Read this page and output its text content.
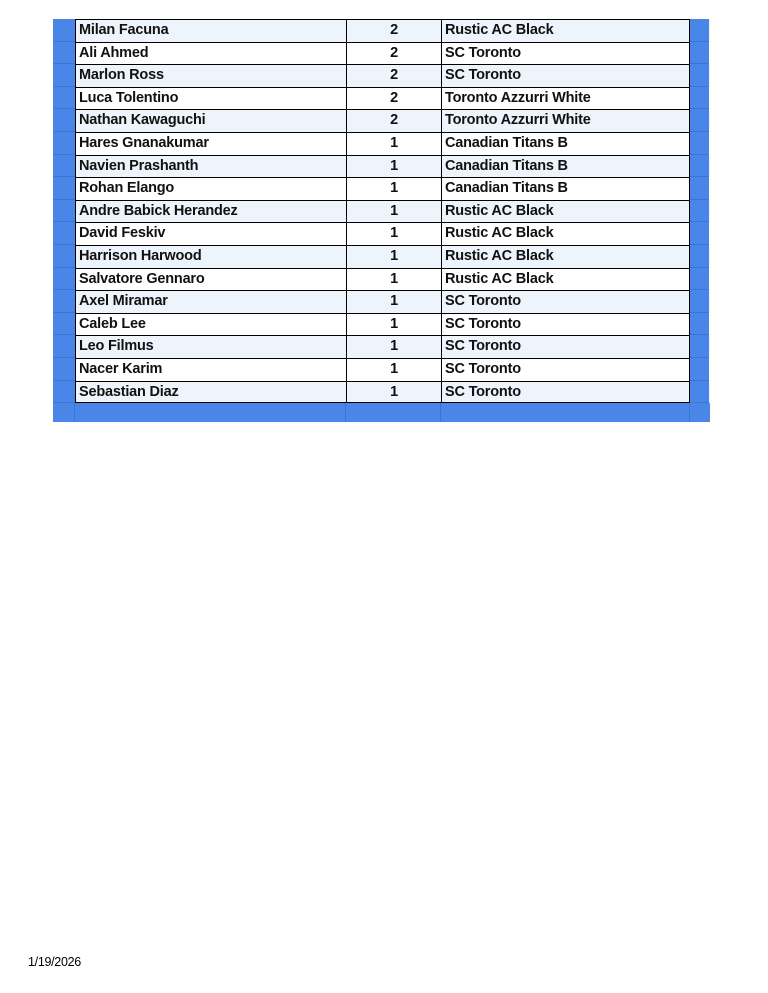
Milan Facuna	2	Rustic AC Black
Ali Ahmed	2	SC Toronto
Marlon Ross	2	SC Toronto
Luca Tolentino	2	Toronto Azzurri White
Nathan Kawaguchi	2	Toronto Azzurri White
Hares Gnanakumar	1	Canadian Titans B
Navien Prashanth	1	Canadian Titans B
Rohan Elango	1	Canadian Titans B
Andre Babick Herandez	1	Rustic AC Black
David Feskiv	1	Rustic AC Black
Harrison Harwood	1	Rustic AC Black
Salvatore Gennaro	1	Rustic AC Black
Axel Miramar	1	SC Toronto
Caleb Lee	1	SC Toronto
Leo Filmus	1	SC Toronto
Nacer Karim	1	SC Toronto
Sebastian Diaz	1	SC Toronto
1/19/2026
